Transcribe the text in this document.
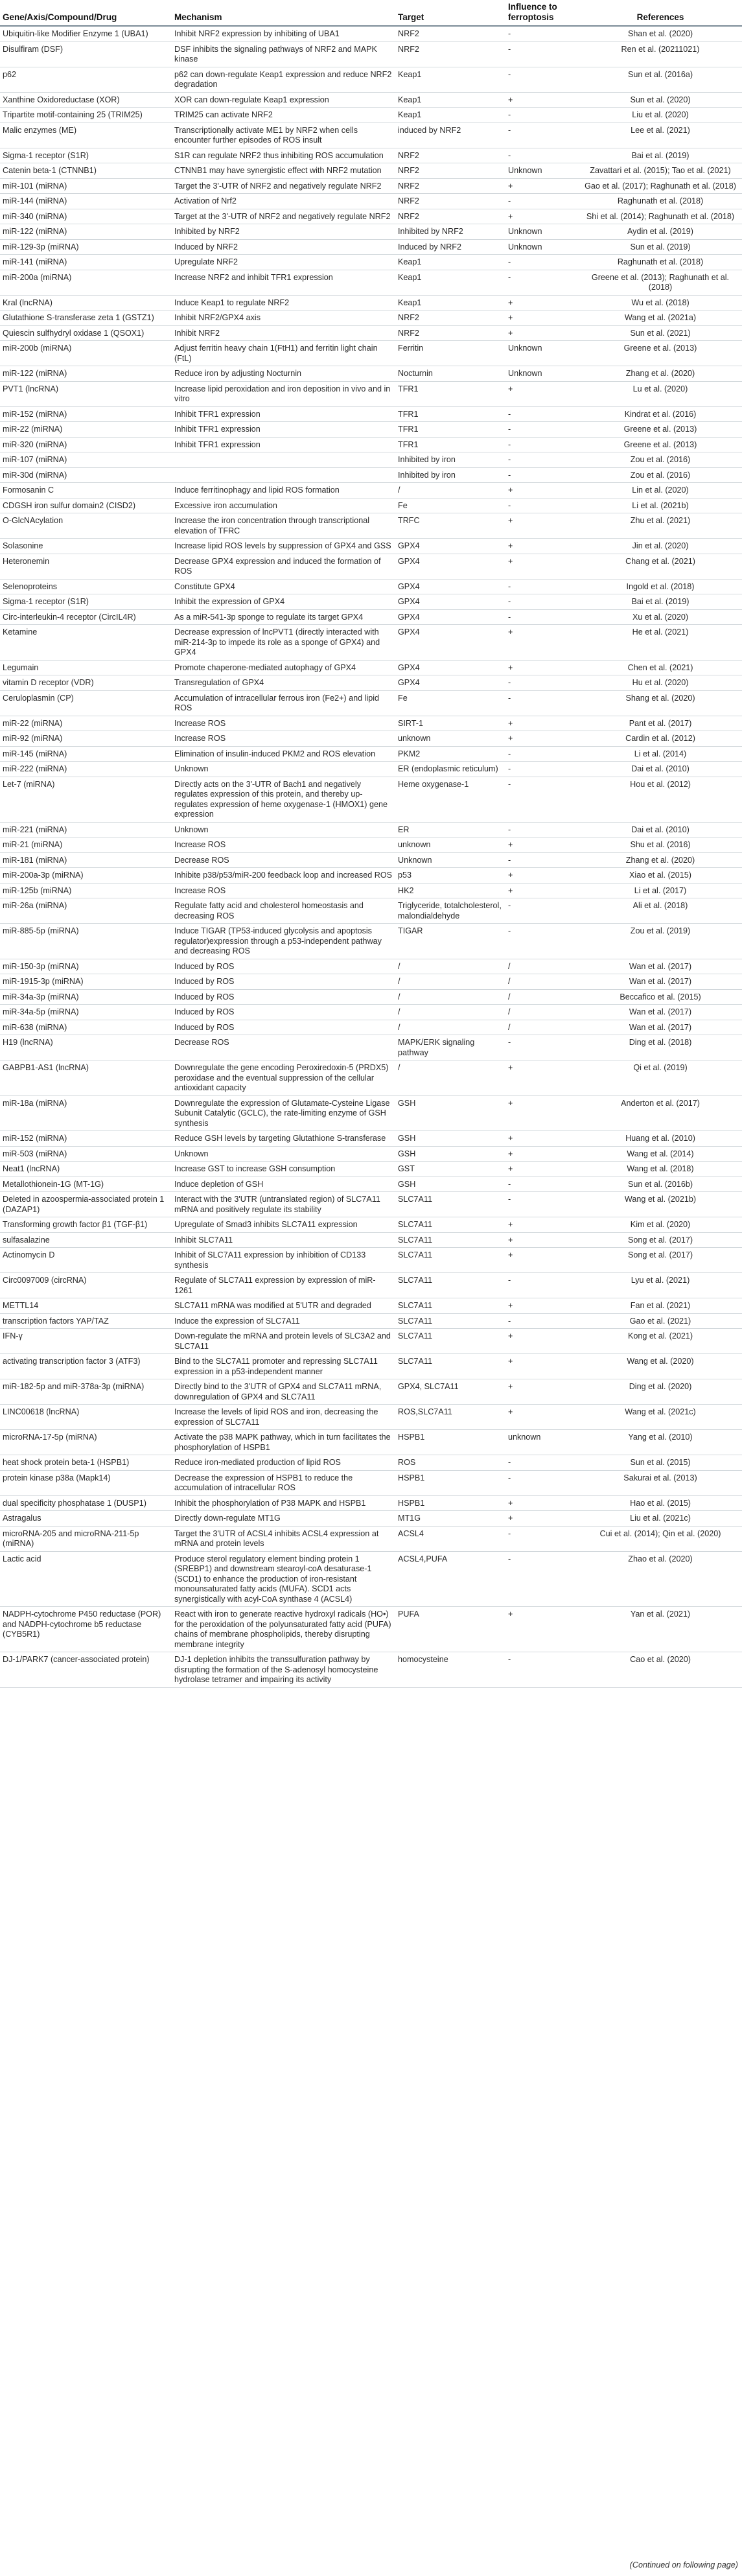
Gene/Axis/Compound/Drug	Mechanism	Target	Influence to ferroptosis	References
Ubiquitin-like Modifier Enzyme 1 (UBA1)	Inhibit NRF2 expression by inhibiting of UBA1	NRF2	-	Shan et al. (2020)
Disulfiram (DSF)	DSF inhibits the signaling pathways of NRF2 and MAPK kinase	NRF2	-	Ren et al. (20211021)
p62	p62 can down-regulate Keap1 expression and reduce NRF2 degradation	Keap1	-	Sun et al. (2016a)
Xanthine Oxidoreductase (XOR)	XOR can down-regulate Keap1 expression	Keap1	+	Sun et al. (2020)
Tripartite motif-containing 25 (TRIM25)	TRIM25 can activate NRF2	Keap1	-	Liu et al. (2020)
Malic enzymes (ME)	Transcriptionally activate ME1 by NRF2 when cells encounter further episodes of ROS insult	induced by NRF2	-	Lee et al. (2021)
Sigma-1 receptor (S1R)	S1R can regulate NRF2 thus inhibiting ROS accumulation	NRF2	-	Bai et al. (2019)
Catenin beta-1 (CTNNB1)	CTNNB1 may have synergistic effect with NRF2 mutation	NRF2	Unknown	Zavattari et al. (2015); Tao et al. (2021)
miR-101 (miRNA)	Target the 3'-UTR of NRF2 and negatively regulate NRF2	NRF2	+	Gao et al. (2017); Raghunath et al. (2018)
miR-144 (miRNA)	Activation of Nrf2	NRF2	-	Raghunath et al. (2018)
miR-340 (miRNA)	Target at the 3'-UTR of NRF2 and negatively regulate NRF2	NRF2	+	Shi et al. (2014); Raghunath et al. (2018)
miR-122 (miRNA)	Inhibited by NRF2	Inhibited by NRF2	Unknown	Aydin et al. (2019)
miR-129-3p (miRNA)	Induced by NRF2	Induced by NRF2	Unknown	Sun et al. (2019)
miR-141 (miRNA)	Upregulate NRF2	Keap1	-	Raghunath et al. (2018)
miR-200a (miRNA)	Increase NRF2 and inhibit TFR1 expression	Keap1	-	Greene et al. (2013); Raghunath et al. (2018)
Kral (lncRNA)	Induce Keap1 to regulate NRF2	Keap1	+	Wu et al. (2018)
Glutathione S-transferase zeta 1 (GSTZ1)	Inhibit NRF2/GPX4 axis	NRF2	+	Wang et al. (2021a)
Quiescin sulfhydryl oxidase 1 (QSOX1)	Inhibit NRF2	NRF2	+	Sun et al. (2021)
miR-200b (miRNA)	Adjust ferritin heavy chain 1(FtH1) and ferritin light chain (FtL)	Ferritin	Unknown	Greene et al. (2013)
miR-122 (miRNA)	Reduce iron by adjusting Nocturnin	Nocturnin	Unknown	Zhang et al. (2020)
PVT1 (lncRNA)	Increase lipid peroxidation and iron deposition in vivo and in vitro	TFR1	+	Lu et al. (2020)
miR-152 (miRNA)	Inhibit TFR1 expression	TFR1	-	Kindrat et al. (2016)
miR-22 (miRNA)	Inhibit TFR1 expression	TFR1	-	Greene et al. (2013)
miR-320 (miRNA)	Inhibit TFR1 expression	TFR1	-	Greene et al. (2013)
miR-107 (miRNA)		Inhibited by iron	-	Zou et al. (2016)
miR-30d (miRNA)		Inhibited by iron	-	Zou et al. (2016)
Formosanin C	Induce ferritinophagy and lipid ROS formation	/	+	Lin et al. (2020)
CDGSH iron sulfur domain2 (CISD2)	Excessive iron accumulation	Fe	-	Li et al. (2021b)
O-GlcNAcylation	Increase the iron concentration through transcriptional elevation of TFRC	TRFC	+	Zhu et al. (2021)
Solasonine	Increase lipid ROS levels by suppression of GPX4 and GSS	GPX4	+	Jin et al. (2020)
Heteronemin	Decrease GPX4 expression and induced the formation of ROS	GPX4	+	Chang et al. (2021)
Selenoproteins	Constitute GPX4	GPX4	-	Ingold et al. (2018)
Sigma-1 receptor (S1R)	Inhibit the expression of GPX4	GPX4	-	Bai et al. (2019)
Circ-interleukin-4 receptor (CircIL4R)	As a miR-541-3p sponge to regulate its target GPX4	GPX4	-	Xu et al. (2020)
Ketamine	Decrease expression of lncPVT1 (directly interacted with miR-214-3p to impede its role as a sponge of GPX4) and GPX4	GPX4	+	He et al. (2021)
Legumain	Promote chaperone-mediated autophagy of GPX4	GPX4	+	Chen et al. (2021)
vitamin D receptor (VDR)	Transregulation of GPX4	GPX4	-	Hu et al. (2020)
Ceruloplasmin (CP)	Accumulation of intracellular ferrous iron (Fe2+) and lipid ROS	Fe	-	Shang et al. (2020)
miR-22 (miRNA)	Increase ROS	SIRT-1	+	Pant et al. (2017)
miR-92 (miRNA)	Increase ROS	unknown	+	Cardin et al. (2012)
miR-145 (miRNA)	Elimination of insulin-induced PKM2 and ROS elevation	PKM2	-	Li et al. (2014)
miR-222 (miRNA)	Unknown	ER (endoplasmic reticulum)	-	Dai et al. (2010)
Let-7 (miRNA)	Directly acts on the 3'-UTR of Bach1 and negatively regulates expression of this protein, and thereby up-regulates expression of heme oxygenase-1 (HMOX1) gene expression	Heme oxygenase-1	-	Hou et al. (2012)
miR-221 (miRNA)	Unknown	ER	-	Dai et al. (2010)
miR-21 (miRNA)	Increase ROS	unknown	+	Shu et al. (2016)
miR-181 (miRNA)	Decrease ROS	Unknown	-	Zhang et al. (2020)
miR-200a-3p (miRNA)	Inhibite p38/p53/miR-200 feedback loop and increased ROS	p53	+	Xiao et al. (2015)
miR-125b (miRNA)	Increase ROS	HK2	+	Li et al. (2017)
miR-26a (miRNA)	Regulate fatty acid and cholesterol homeostasis and decreasing ROS	Triglyceride, totalcholesterol, malondialdehyde	-	Ali et al. (2018)
miR-885-5p (miRNA)	Induce TIGAR (TP53-induced glycolysis and apoptosis regulator)expression through a p53-independent pathway and decreasing ROS	TIGAR	-	Zou et al. (2019)
miR-150-3p (miRNA)	Induced by ROS	/	/	Wan et al. (2017)
miR-1915-3p (miRNA)	Induced by ROS	/	/	Wan et al. (2017)
miR-34a-3p (miRNA)	Induced by ROS	/	/	Beccafico et al. (2015)
miR-34a-5p (miRNA)	Induced by ROS	/	/	Wan et al. (2017)
miR-638 (miRNA)	Induced by ROS	/	/	Wan et al. (2017)
H19 (lncRNA)	Decrease ROS	MAPK/ERK signaling pathway	-	Ding et al. (2018)
GABPB1-AS1 (lncRNA)	Downregulate the gene encoding Peroxiredoxin-5 (PRDX5) peroxidase and the eventual suppression of the cellular antioxidant capacity	/	+	Qi et al. (2019)
miR-18a (miRNA)	Downregulate the expression of Glutamate-Cysteine Ligase Subunit Catalytic (GCLC), the rate-limiting enzyme of GSH synthesis	GSH	+	Anderton et al. (2017)
miR-152 (miRNA)	Reduce GSH levels by targeting Glutathione S-transferase	GSH	+	Huang et al. (2010)
miR-503 (miRNA)	Unknown	GSH	+	Wang et al. (2014)
Neat1 (lncRNA)	Increase GST to increase GSH consumption	GST	+	Wang et al. (2018)
Metallothionein-1G (MT-1G)	Induce depletion of GSH	GSH	-	Sun et al. (2016b)
Deleted in azoospermia-associated protein 1 (DAZAP1)	Interact with the 3'UTR (untranslated region) of SLC7A11 mRNA and positively regulate its stability	SLC7A11	-	Wang et al. (2021b)
Transforming growth factor β1 (TGF-β1)	Upregulate of Smad3 inhibits SLC7A11 expression	SLC7A11	+	Kim et al. (2020)
sulfasalazine	Inhibit SLC7A11	SLC7A11	+	Song et al. (2017)
Actinomycin D	Inhibit of SLC7A11 expression by inhibition of CD133 synthesis	SLC7A11	+	Song et al. (2017)
Circ0097009 (circRNA)	Regulate of SLC7A11 expression by expression of miR-1261	SLC7A11	-	Lyu et al. (2021)
METTL14	SLC7A11 mRNA was modified at 5'UTR and degraded	SLC7A11	+	Fan et al. (2021)
transcription factors YAP/TAZ	Induce the expression of SLC7A11	SLC7A11	-	Gao et al. (2021)
IFN-γ	Down-regulate the mRNA and protein levels of SLC3A2 and SLC7A11	SLC7A11	+	Kong et al. (2021)
activating transcription factor 3 (ATF3)	Bind to the SLC7A11 promoter and repressing SLC7A11 expression in a p53-independent manner	SLC7A11	+	Wang et al. (2020)
miR-182-5p and miR-378a-3p (miRNA)	Directly bind to the 3'UTR of GPX4 and SLC7A11 mRNA, downregulation of GPX4 and SLC7A11	GPX4, SLC7A11	+	Ding et al. (2020)
LINC00618 (lncRNA)	Increase the levels of lipid ROS and iron, decreasing the expression of SLC7A11	ROS,SLC7A11	+	Wang et al. (2021c)
microRNA-17-5p (miRNA)	Activate the p38 MAPK pathway, which in turn facilitates the phosphorylation of HSPB1	HSPB1	unknown	Yang et al. (2010)
heat shock protein beta-1 (HSPB1)	Reduce iron-mediated production of lipid ROS	ROS	-	Sun et al. (2015)
protein kinase p38a (Mapk14)	Decrease the expression of HSPB1 to reduce the accumulation of intracellular ROS	HSPB1	-	Sakurai et al. (2013)
dual specificity phosphatase 1 (DUSP1)	Inhibit the phosphorylation of P38 MAPK and HSPB1	HSPB1	+	Hao et al. (2015)
Astragalus	Directly down-regulate MT1G	MT1G	+	Liu et al. (2021c)
microRNA-205 and microRNA-211-5p (miRNA)	Target the 3'UTR of ACSL4 inhibits ACSL4 expression at mRNA and protein levels	ACSL4	-	Cui et al. (2014); Qin et al. (2020)
Lactic acid	Produce sterol regulatory element binding protein 1 (SREBP1) and downstream stearoyl-coA desaturase-1 (SCD1) to enhance the production of iron-resistant monounsaturated fatty acids (MUFA). SCD1 acts synergistically with acyl-CoA synthase 4 (ACSL4)	ACSL4,PUFA	-	Zhao et al. (2020)
NADPH-cytochrome P450 reductase (POR) and NADPH-cytochrome b5 reductase (CYB5R1)	React with iron to generate reactive hydroxyl radicals (HO•) for the peroxidation of the polyunsaturated fatty acid (PUFA) chains of membrane phospholipids, thereby disrupting membrane integrity	PUFA	+	Yan et al. (2021)
DJ-1/PARK7 (cancer-associated protein)	DJ-1 depletion inhibits the transsulfuration pathway by disrupting the formation of the S-adenosyl homocysteine hydrolase tetramer and impairing its activity	homocysteine	-	Cao et al. (2020)
(Continued on following page)
